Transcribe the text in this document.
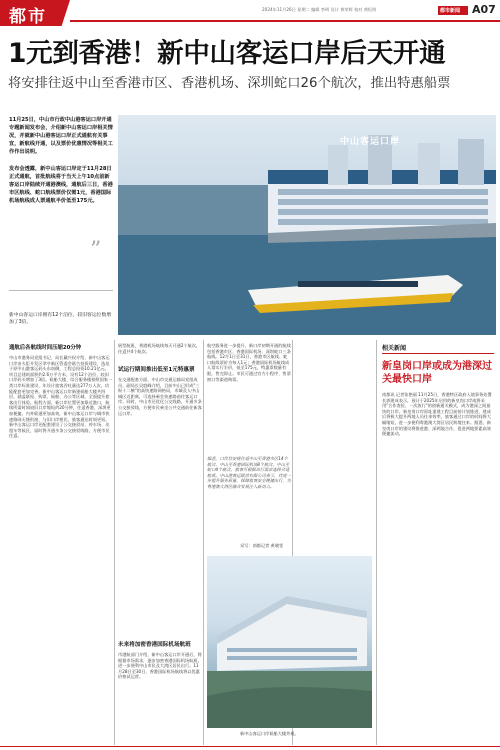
都市	2024年11月26日 星期二 编辑 李明 设计 黄荣辉 校对 黄纪明	都市新闻 A07
1元到香港！新中山客运口岸后天开通
将安排往返中山至香港市区、香港机场、深圳蛇口26个航次，推出特惠船票
11月25日，中山市行政中山港客运口岸开通专题新闻发布会，介绍新中山客运口岸相关情况，并就新中山港客运口岸正式通航有关事宜，新航线开通，以及票价优惠情况等相关工作作出说明。
发布会透露，新中山客运口岸定于11月28日正式通航，首批航线将于当天上午10点前新客运口岸陆续开通港澳线，通航后三日，香港市区航线、蛇口航线票价仅需1元，香港国际机场航线成人票通航半价低至175元。
”
中山客运口岸
新中山客运口岸拥有12个泊位，较旧客运位数增加了3倍。
通航后各航线时间压缩20分钟
中山市港务局党组书记、局长戴兴权介绍，新中山客运口岸由火炬开发区翠亨新区管委会联合投资建设，选址于原中山港客运码头东南侧，工程总投资10.21亿元。项目总建筑面积约2.6万平方米，设有12个泊位，较旧口岸码头增加了3倍。候船大楼、综合服务楼按照国家一类口岸标准建设，年设计旅客吞吐量达277万人次。功能配套更加完善。新中山客运口岸新建候船大楼共四层，涵盖联检、购票、候船、办公等区域，全面提升旅客出行体验。航程方面，新口岸位置更加靠近港口，航线所需时间较旧口岸缩短约20分钟，往返香港、深圳更加便捷。内外联通更加高效，新中山客运口岸与城市快速路网无缝衔接，与旧口岸相比，旅客通达时间更短。新中山客运口岸还配套建设了公交接驳站、停车场、出租车等候区，届时将开通多条公交接驳线路，方便市民往返。
展型航班，香港机场航线每天开通2个航次，往返共4个航次。
试运行期间推出低至1元特惠票
在交通配套方面，中山市交通运输局党组成员、副局长吴庭峰介绍，目前中山已形成"三纵十二横"的高快速路网格局，市域及人中山城区近距离，可选择乘坐快速路前往客运口岸。同时，中山市还优化公交线路，开通多条公交接驳线，方便市民乘坐公共交通前往新客运口岸。
未来将加密香港国际机场航班
市港航部门介绍，新中山客运口岸开通后，将根据市场需求，逐步加密香港国际机场航班，进一步便利中山市民及大湾区居民出行。11月28日至30日，香港国际机场航线将以优惠价格试运营。
航空服务进一步提升，新口岸初期开通的航线包括香港市区、香港国际机场、深圳蛇口三条航线。12月1日至31日，香港市区航线、蛇口航线票价为每人1元；香港国际机场航线成人票实行半价，低至175元，特惠票数量有限，售完即止。市民可通过官方小程序、售票窗口等渠道购票。
据悉，口岸将安排往返中山至香港市区14个航次、中山至香港国际机场8个航次、中山至蛇口4个航次，旅客可根据出行需求选择合适航班。中山港客运联营有限公司表示，将进一步提升服务质量，保障旅客安全便捷出行，为粤港澳大湾区融合发展注入新动力。
采写：南都记者 黄晓雯
新中山客运口岸候船大楼外观。
相关新闻
新皇岗口岸或成为港深过关最快口岸
南都讯 记者张艳丽 11月25日，香港特区政府入境事务处署长郭建成表示，预计于2025年启用的新皇岗口岸或将采用"合作查验、一次放行"的创新通关模式，成为港深之间最快的口岸。新皇岗口岸原址重建工程目前按计划推进，建成后将极大提升两地人员往来效率，旅客通过口岸的时间将大幅缩短，进一步便利粤港澳大湾区居民跨境往来。据悉，新皇岗口岸的建设将推进港、深两地合作，促进两地要素高效便捷流动。
